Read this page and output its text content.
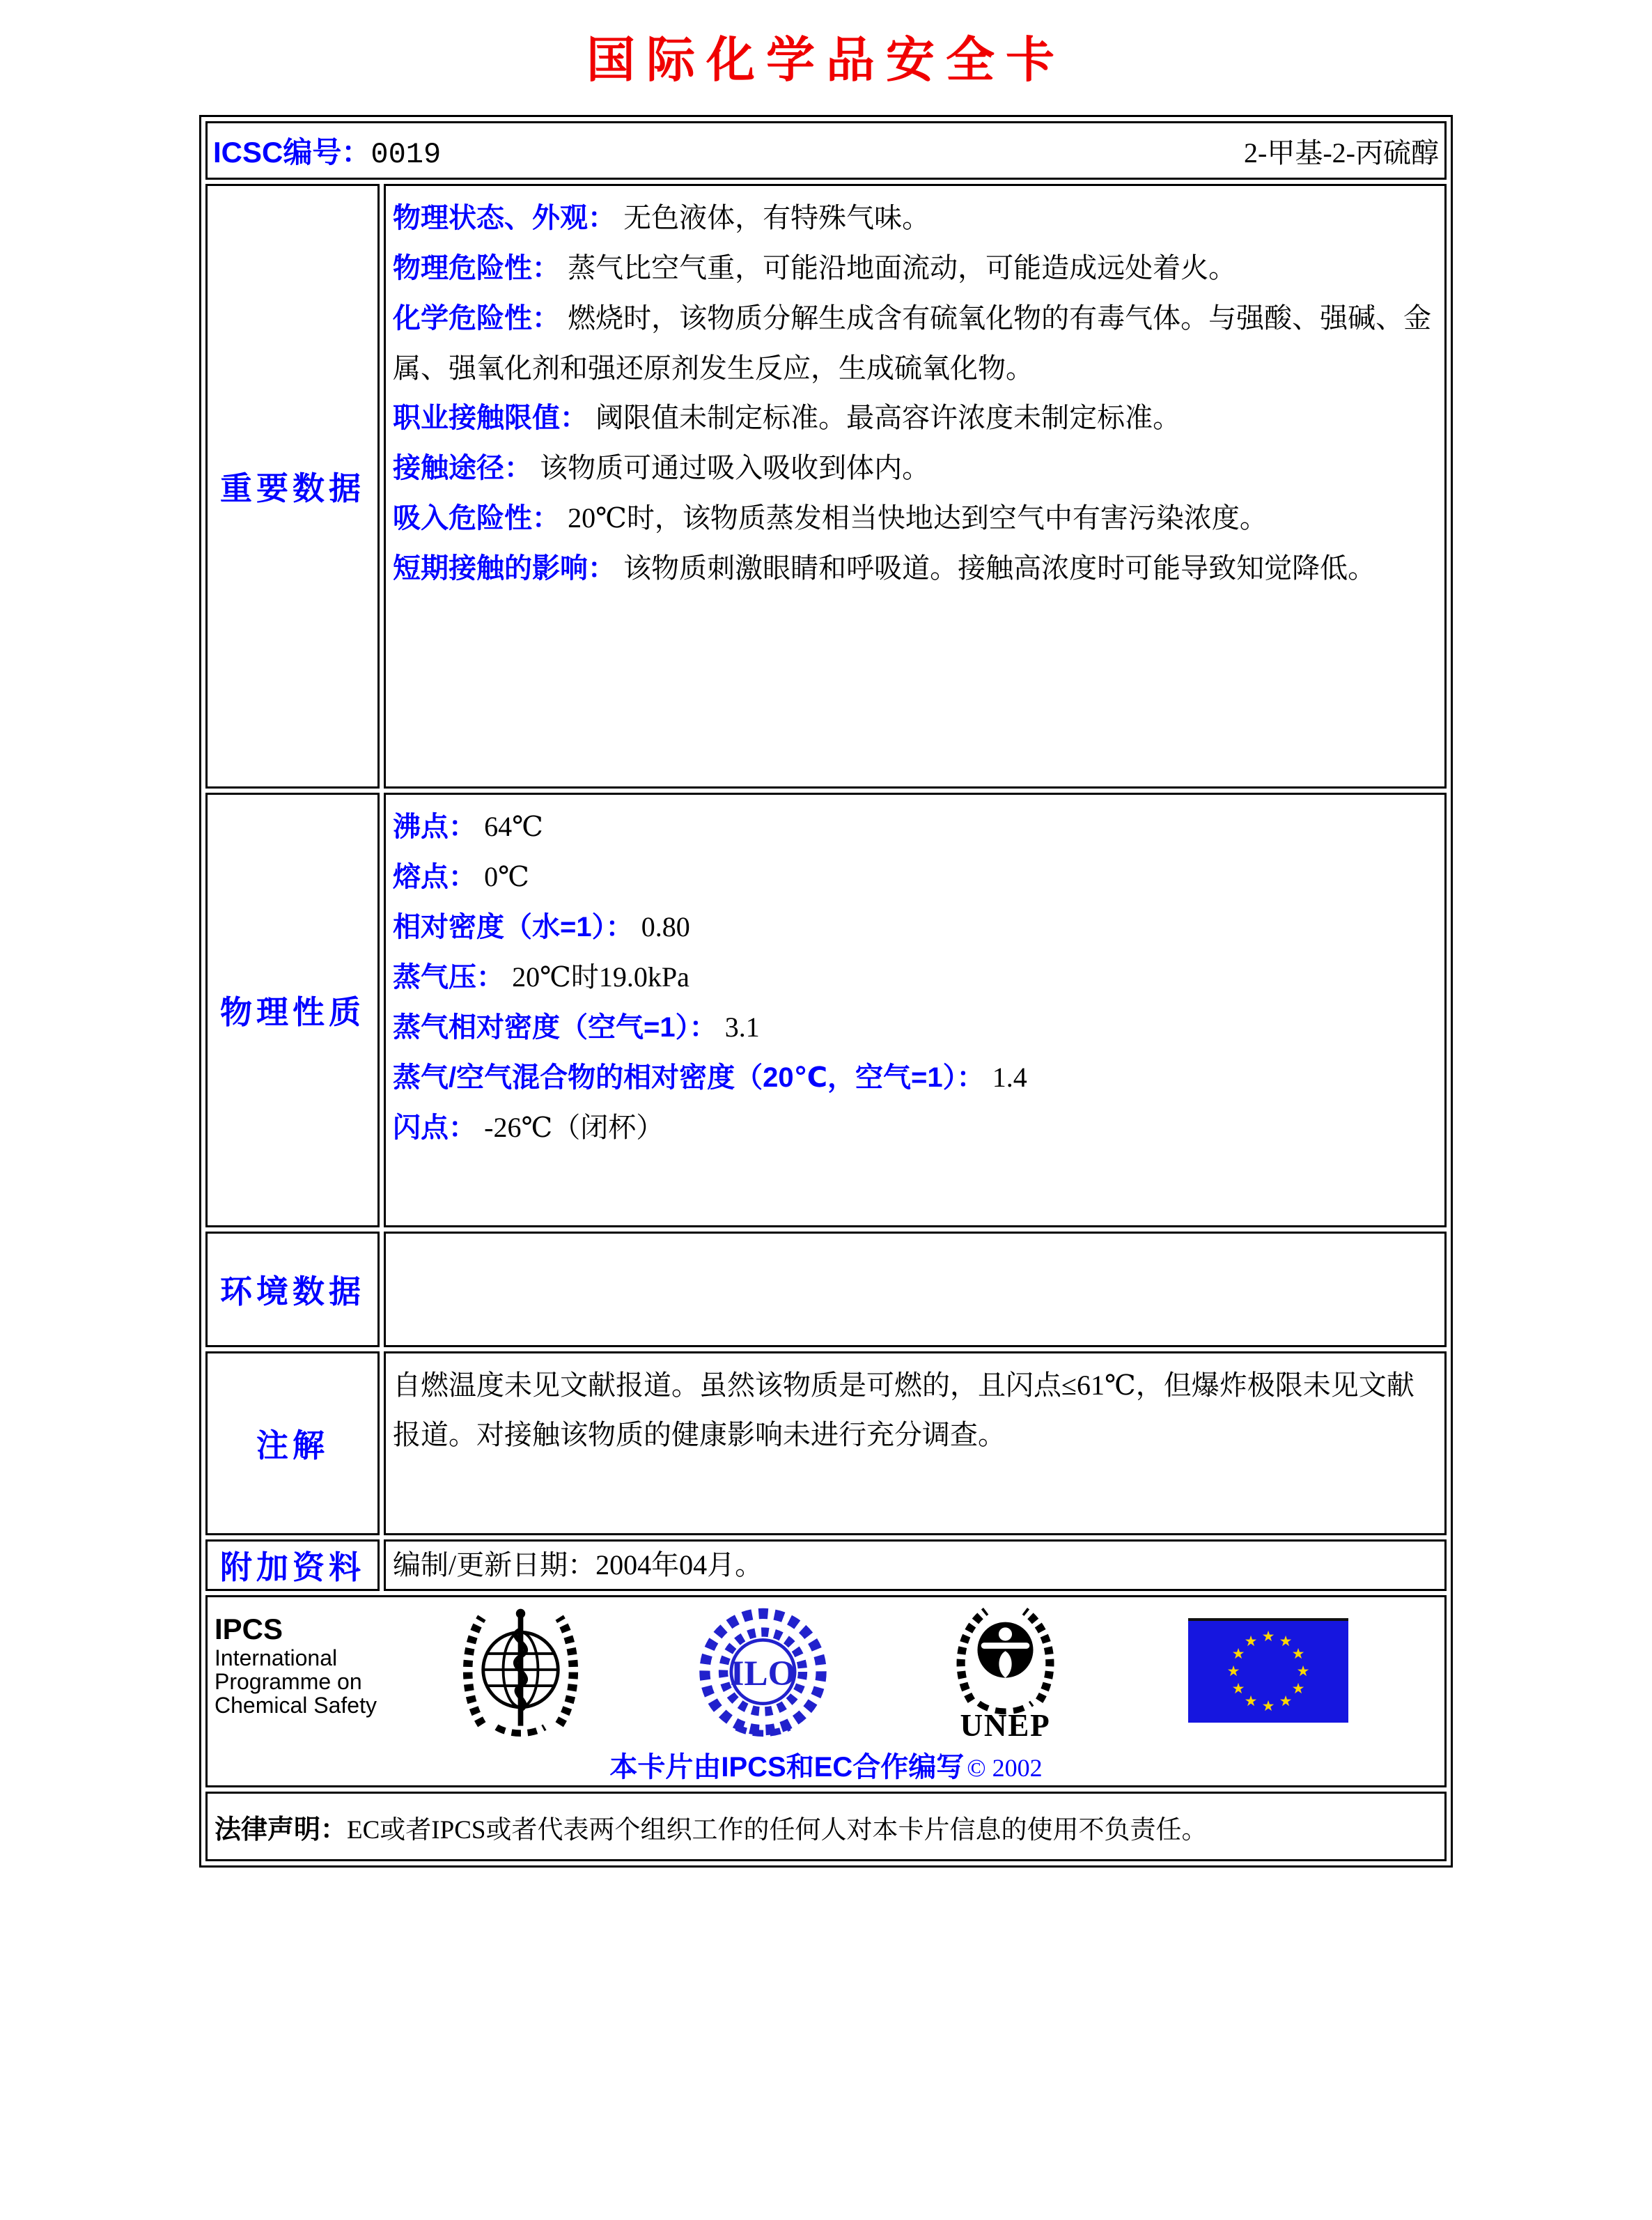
国际化学品安全卡
ICSC编号：0019 2-甲基-2-丙硫醇	

重要数据	
物理状态、外观： 无色液体，有特殊气味。
物理危险性： 蒸气比空气重，可能沿地面流动，可能造成远处着火。
化学危险性： 燃烧时，该物质分解生成含有硫氧化物的有毒气体。与强酸、强碱、金属、强氧化剂和强还原剂发生反应，生成硫氧化物。
职业接触限值： 阈限值未制定标准。最高容许浓度未制定标准。
接触途径： 该物质可通过吸入吸收到体内。
吸入危险性： 20℃时，该物质蒸发相当快地达到空气中有害污染浓度。
短期接触的影响： 该物质刺激眼睛和呼吸道。接触高浓度时可能导致知觉降低。

物理性质	
沸点： 64℃
熔点： 0℃
相对密度（水=1）： 0.80
蒸气压： 20℃时19.0kPa
蒸气相对密度（空气=1）： 3.1
蒸气/空气混合物的相对密度（20℃，空气=1）： 1.4
闪点： -26℃（闭杯）

环境数据	
注解	自燃温度未见文献报道。虽然该物质是可燃的，且闪点≤61℃，但爆炸极限未见文献报道。对接触该物质的健康影响未进行充分调查。

附加资料	编制/更新日期：2004年04月。

IPCS
International
Programme on
Chemical Safety
ILO
UNEP
★ ★
★
★
★
★
★
★
★
★
★
★
本卡片由IPCS和EC合作编写 © 2002

法律声明：EC或者IPCS或者代表两个组织工作的任何人对本卡片信息的使用不负责任。	
